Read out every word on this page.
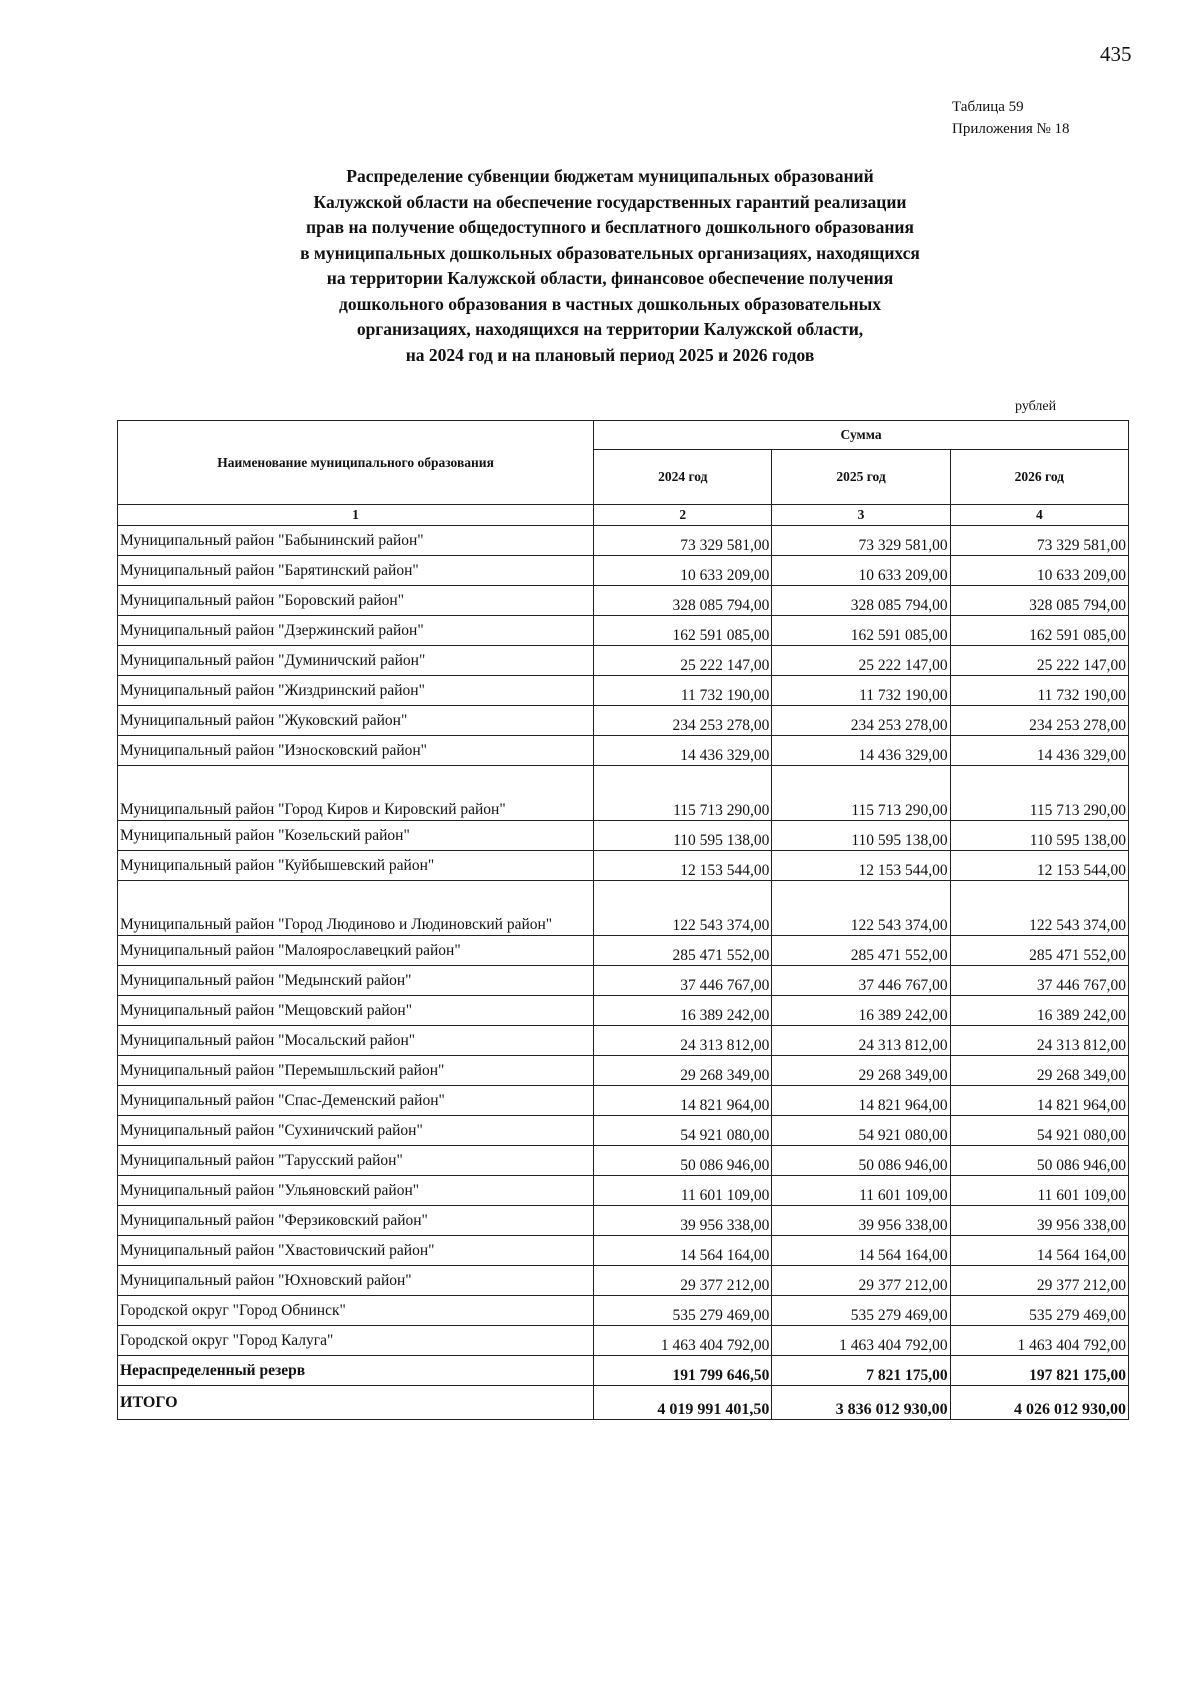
435
Таблица 59
Приложения № 18
Распределение субвенции бюджетам муниципальных образований
Калужской области на обеспечение государственных гарантий реализации
прав на получение общедоступного и бесплатного дошкольного образования
в муниципальных дошкольных образовательных организациях, находящихся
на территории Калужской области, финансовое обеспечение получения
дошкольного образования в частных дошкольных образовательных
организациях, находящихся на территории Калужской области,
на 2024 год и на плановый период 2025 и 2026 годов
рублей
Наименование муниципального образования	Сумма		
	2024 год	2025 год	2026 год
1	2	3	4
Муниципальный район "Бабынинский район"	73 329 581,00	73 329 581,00	73 329 581,00
Муниципальный район "Барятинский район"	10 633 209,00	10 633 209,00	10 633 209,00
Муниципальный район "Боровский район"	328 085 794,00	328 085 794,00	328 085 794,00
Муниципальный район "Дзержинский район"	162 591 085,00	162 591 085,00	162 591 085,00
Муниципальный район "Думиничский район"	25 222 147,00	25 222 147,00	25 222 147,00
Муниципальный район "Жиздринский район"	11 732 190,00	11 732 190,00	11 732 190,00
Муниципальный район "Жуковский район"	234 253 278,00	234 253 278,00	234 253 278,00
Муниципальный район "Износковский район"	14 436 329,00	14 436 329,00	14 436 329,00
Муниципальный район "Город Киров и Кировский район"	115 713 290,00	115 713 290,00	115 713 290,00
Муниципальный район "Козельский район"	110 595 138,00	110 595 138,00	110 595 138,00
Муниципальный район "Куйбышевский район"	12 153 544,00	12 153 544,00	12 153 544,00
Муниципальный район "Город Людиново и Людиновский район"	122 543 374,00	122 543 374,00	122 543 374,00
Муниципальный район "Малоярославецкий район"	285 471 552,00	285 471 552,00	285 471 552,00
Муниципальный район "Медынский район"	37 446 767,00	37 446 767,00	37 446 767,00
Муниципальный район "Мещовский район"	16 389 242,00	16 389 242,00	16 389 242,00
Муниципальный район "Мосальский район"	24 313 812,00	24 313 812,00	24 313 812,00
Муниципальный район "Перемышльский район"	29 268 349,00	29 268 349,00	29 268 349,00
Муниципальный район "Спас-Деменский район"	14 821 964,00	14 821 964,00	14 821 964,00
Муниципальный район "Сухиничский район"	54 921 080,00	54 921 080,00	54 921 080,00
Муниципальный район "Тарусский район"	50 086 946,00	50 086 946,00	50 086 946,00
Муниципальный район "Ульяновский район"	11 601 109,00	11 601 109,00	11 601 109,00
Муниципальный район "Ферзиковский район"	39 956 338,00	39 956 338,00	39 956 338,00
Муниципальный район "Хвастовичский район"	14 564 164,00	14 564 164,00	14 564 164,00
Муниципальный район "Юхновский район"	29 377 212,00	29 377 212,00	29 377 212,00
Городской округ "Город Обнинск"	535 279 469,00	535 279 469,00	535 279 469,00
Городской округ "Город Калуга"	1 463 404 792,00	1 463 404 792,00	1 463 404 792,00
Нераспределенный резерв	191 799 646,50	7 821 175,00	197 821 175,00
ИТОГО	4 019 991 401,50	3 836 012 930,00	4 026 012 930,00
